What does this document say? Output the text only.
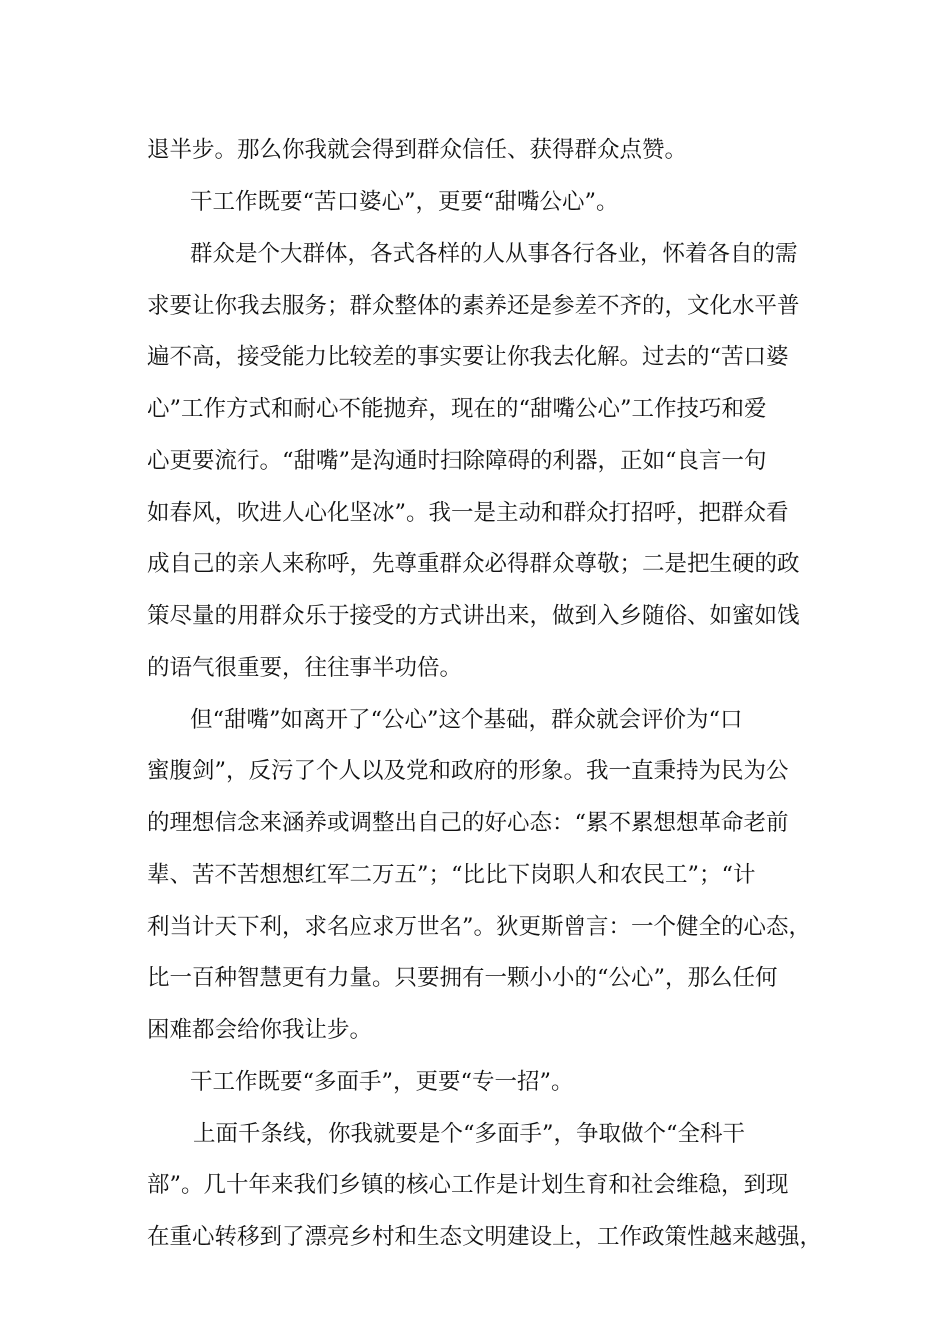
退半步。那么你我就会得到群众信任、获得群众点赞。
干工作既要“苦口婆心”，更要“甜嘴公心”。
群众是个大群体，各式各样的人从事各行各业，怀着各自的需
求要让你我去服务；群众整体的素养还是参差不齐的，文化水平普
遍不高，接受能力比较差的事实要让你我去化解。过去的“苦口婆
心”工作方式和耐心不能抛弃，现在的“甜嘴公心”工作技巧和爱
心更要流行。“甜嘴”是沟通时扫除障碍的利器，正如“良言一句
如春风，吹进人心化坚冰”。我一是主动和群众打招呼，把群众看
成自己的亲人来称呼，先尊重群众必得群众尊敬；二是把生硬的政
策尽量的用群众乐于接受的方式讲出来，做到入乡随俗、如蜜如饯
的语气很重要，往往事半功倍。
但“甜嘴”如离开了“公心”这个基础，群众就会评价为“口
蜜腹剑”，反污了个人以及党和政府的形象。我一直秉持为民为公
的理想信念来涵养或调整出自己的好心态：“累不累想想革命老前
辈、苦不苦想想红军二万五”；“比比下岗职人和农民工”；“计
利当计天下利，求名应求万世名”。狄更斯曾言：一个健全的心态，
比一百种智慧更有力量。只要拥有一颗小小的“公心”，那么任何
困难都会给你我让步。
干工作既要“多面手”，更要“专一招”。
上面千条线，你我就要是个“多面手”，争取做个“全科干
部”。几十年来我们乡镇的核心工作是计划生育和社会维稳，到现
在重心转移到了漂亮乡村和生态文明建设上，工作政策性越来越强，
